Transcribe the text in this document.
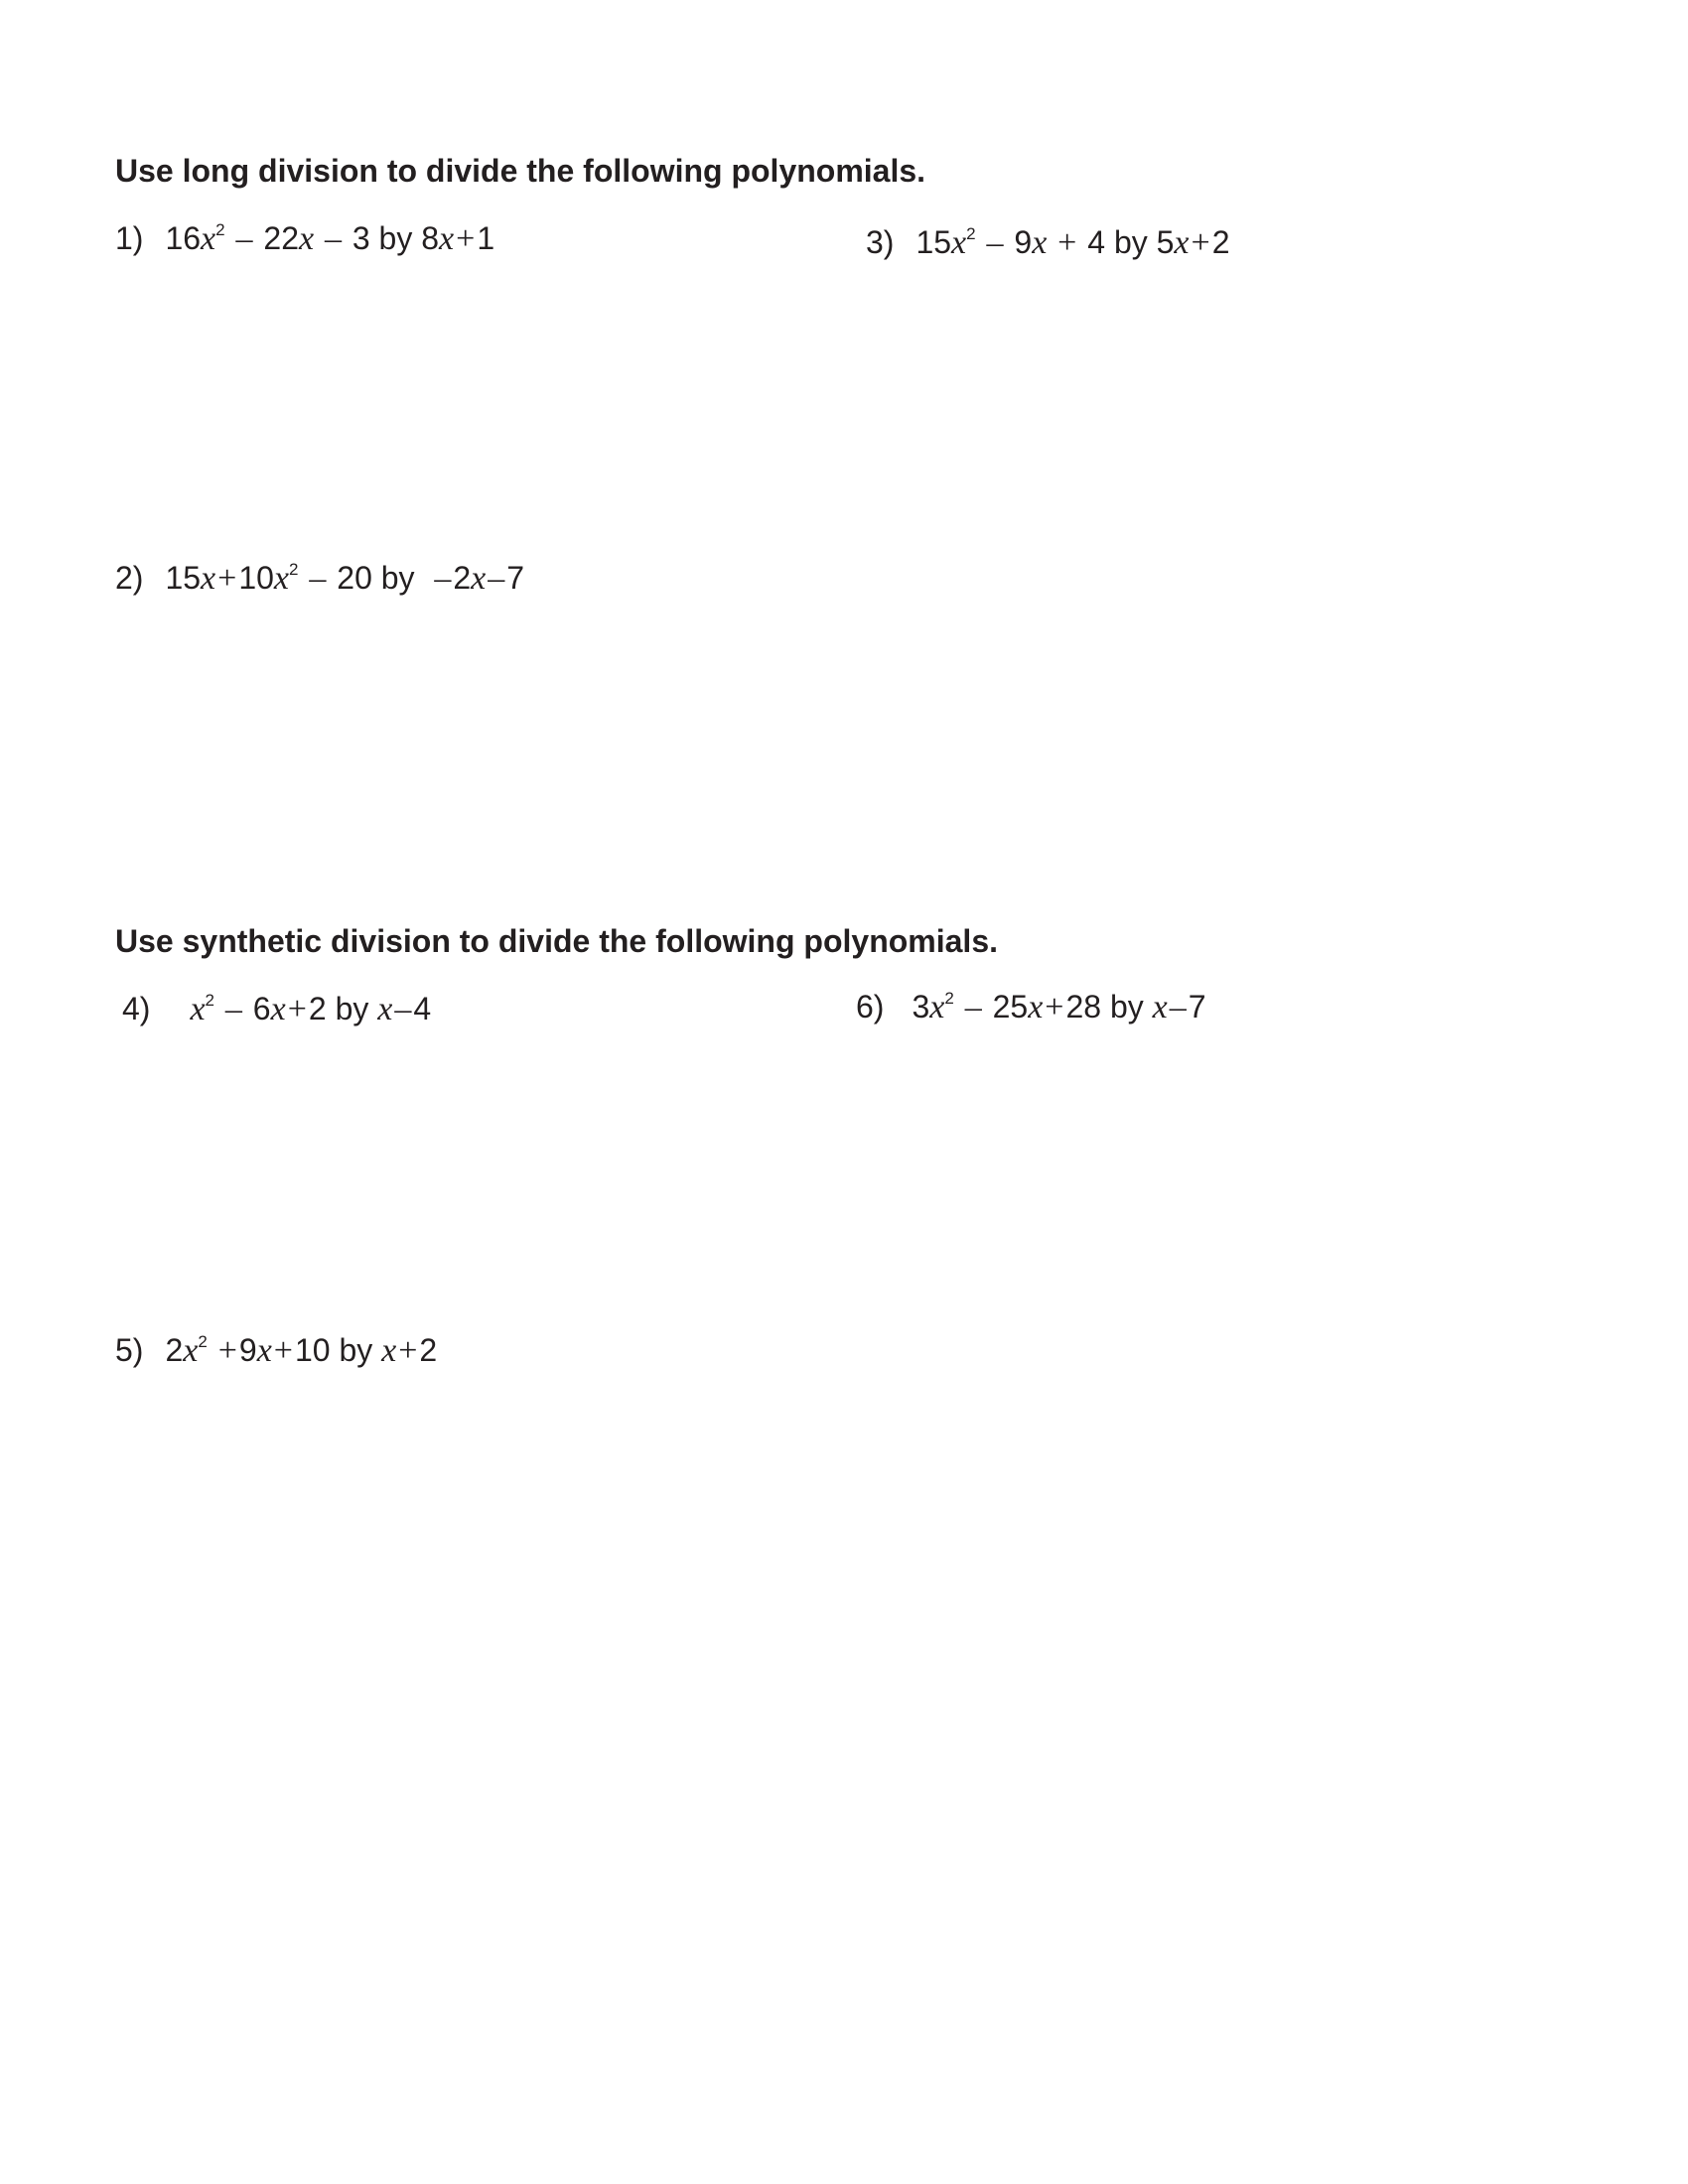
Use long division to divide the following polynomials.
1) $16x^2 - 22x - 3$ by 8x+1	3) $15x^2 - 9x + 4$ by 5x+2
2) $15x+10x^2 - 20$ by –2x–7
Use synthetic division to divide the following polynomials.
4) $x^2 - 6x+2$ by x–4	6) $3x^2 - 25x+28$ by x–7
5) $2x^2 +9x+10$ by x+2
